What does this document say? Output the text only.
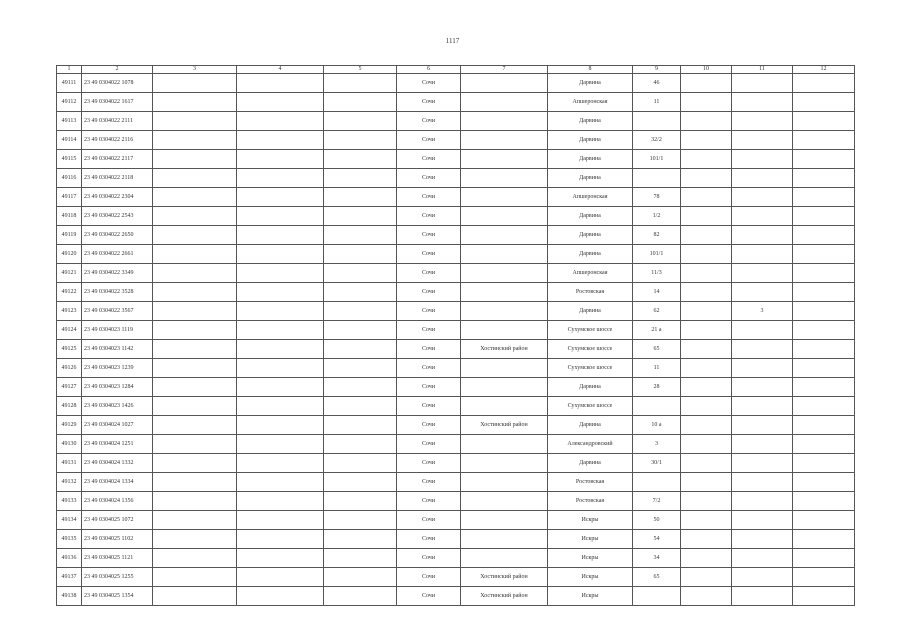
1117
1	2	3	4	5	6	7	8	9	10	11	12
49111	23 49 0304022 1078				Сочи		Дарвина	46			
49112	23 49 0304022 1617				Сочи		Апшеронская	11			
49113	23 49 0304022 2111				Сочи		Дарвина				
49114	23 49 0304022 2116				Сочи		Дарвина	32/2			
49115	23 49 0304022 2117				Сочи		Дарвина	101/1			
49116	23 49 0304022 2118				Сочи		Дарвина				
49117	23 49 0304022 2304				Сочи		Апшеронская	78			
49118	23 49 0304022 2543				Сочи		Дарвина	1/2			
49119	23 49 0304022 2650				Сочи		Дарвина	82			
49120	23 49 0304022 2661				Сочи		Дарвина	101/1			
49121	23 49 0304022 3349				Сочи		Апшеронская	11/3			
49122	23 49 0304022 3528				Сочи		Ростовская	14			
49123	23 49 0304022 3567				Сочи		Дарвина	62		3	
49124	23 49 0304023 1119				Сочи		Сухумское шоссе	21 а			
49125	23 49 0304023 1142				Сочи	Хостинский район	Сухумское шоссе	65			
49126	23 49 0304023 1239				Сочи		Сухумское шоссе	11			
49127	23 49 0304023 1284				Сочи		Дарвина	28			
49128	23 49 0304023 1426				Сочи		Сухумское шоссе				
49129	23 49 0304024 1027				Сочи	Хостинский район	Дарвина	10 а			
49130	23 49 0304024 1251				Сочи		Александровский	3			
49131	23 49 0304024 1332				Сочи		Дарвина	30/1			
49132	23 49 0304024 1334				Сочи		Ростовская				
49133	23 49 0304024 1356				Сочи		Ростовская	7/2			
49134	23 49 0304025 1072				Сочи		Искры	50			
49135	23 49 0304025 1102				Сочи		Искры	54			
49136	23 49 0304025 1121				Сочи		Искры	34			
49137	23 49 0304025 1255				Сочи	Хостинский район	Искры	65			
49138	23 49 0304025 1354				Сочи	Хостинский район	Искры				
